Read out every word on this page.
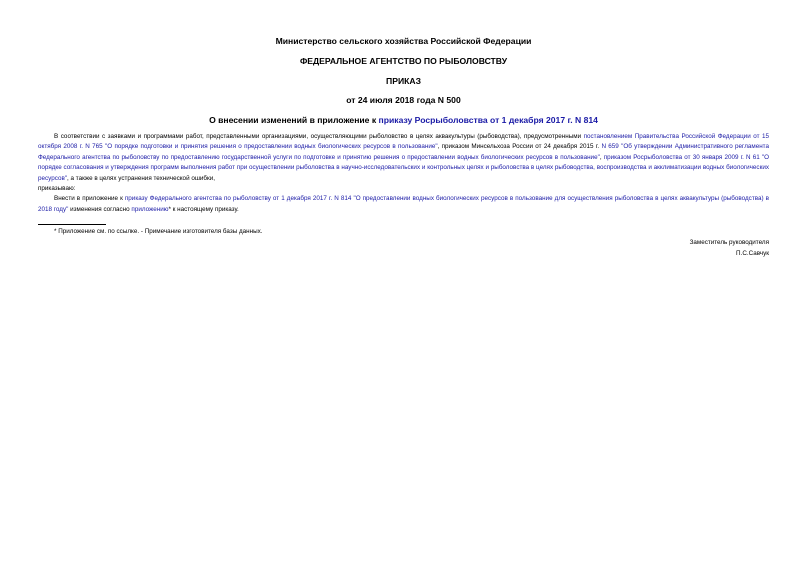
Министерство сельского хозяйства Российской Федерации
ФЕДЕРАЛЬНОЕ АГЕНТСТВО ПО РЫБОЛОВСТВУ
ПРИКАЗ
от 24 июля 2018 года N 500
О внесении изменений в приложение к приказу Росрыболовства от 1 декабря 2017 г. N 814

В соответствии с заявками и программами работ, представленными организациями, осуществляющими рыболовство в целях аквакультуры (рыбоводства), предусмотренными постановлением Правительства Российской Федерации от 15 октября 2008 г. N 765 "О порядке подготовки и принятия решения о предоставлении водных биологических ресурсов в пользование", приказом Минсельхоза России от 24 декабря 2015 г. N 659 "Об утверждении Административного регламента Федерального агентства по рыболовству по предоставлению государственной услуги по подготовке и принятию решения о предоставлении водных биологических ресурсов в пользование", приказом Росрыболовства от 30 января 2009 г. N 61 "О порядке согласования и утверждения программ выполнения работ при осуществлении рыболовства в научно-исследовательских и контрольных целях и рыболовства в целях рыбоводства, воспроизводства и акклиматизации водных биологических ресурсов", а также в целях устранения технической ошибки,

приказываю:

Внести в приложение к приказу Федерального агентства по рыболовству от 1 декабря 2017 г. N 814 "О предоставлении водных биологических ресурсов в пользование для осуществления рыболовства в целях аквакультуры (рыбоводства) в 2018 году" изменения согласно приложению* к настоящему приказу.

* Приложение см. по ссылке. - Примечание изготовителя базы данных.
Заместитель руководителя
П.С.Савчук
